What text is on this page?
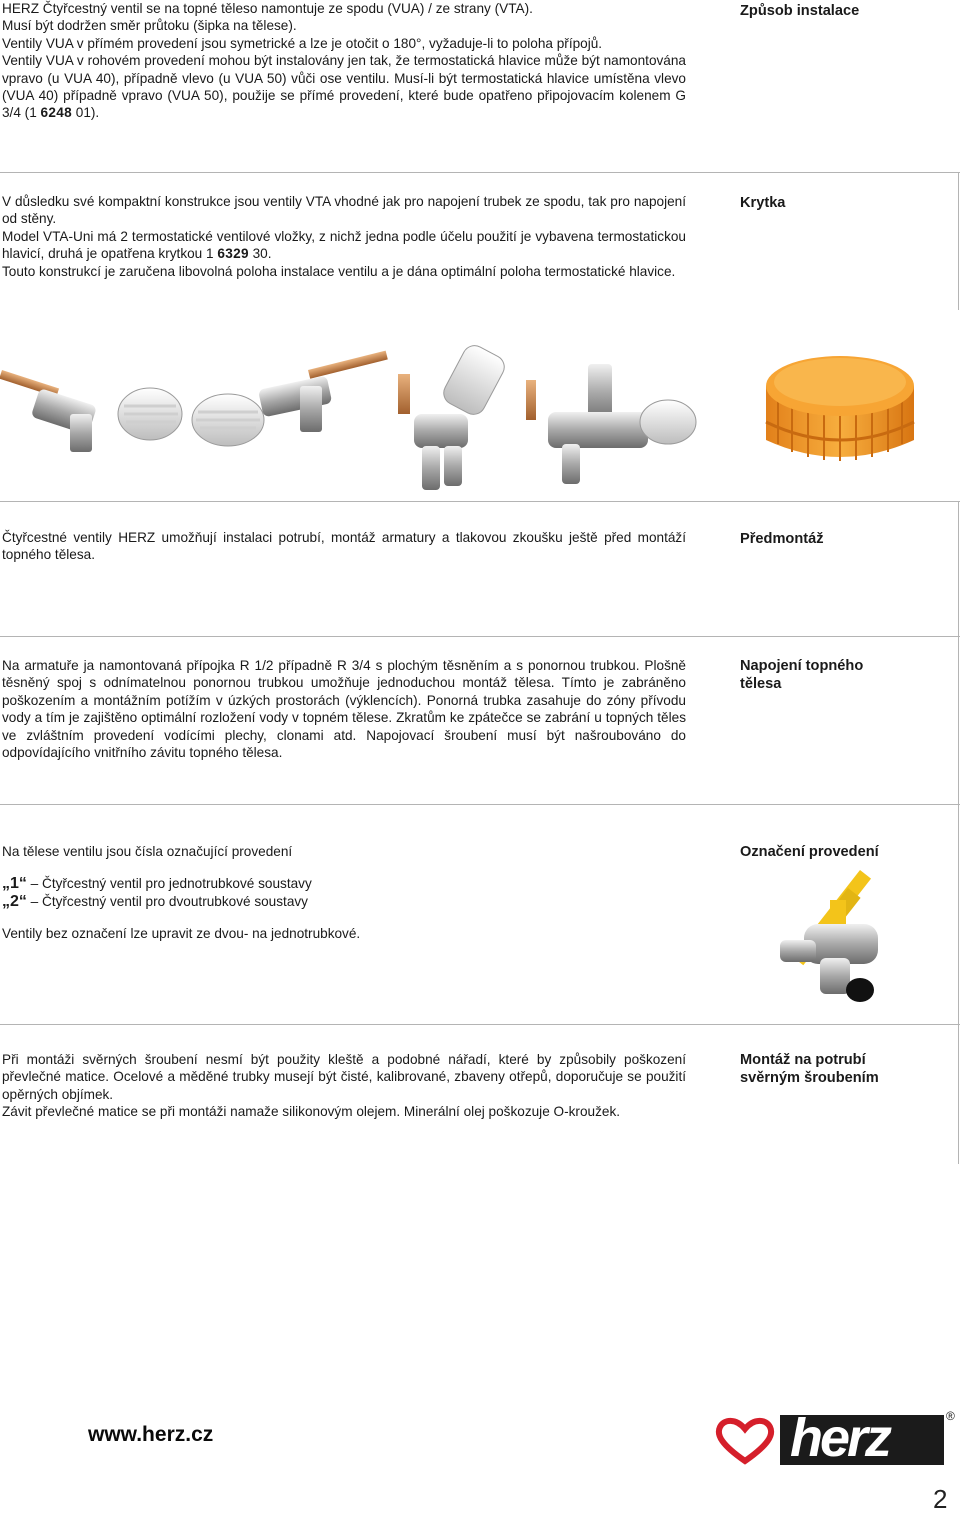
HERZ Čtyřcestný ventil se na topné těleso namontuje ze spodu (VUA) / ze strany (VTA).

Musí být dodržen směr průtoku (šipka na tělese).

Ventily VUA v přímém provedení jsou symetrické a lze je otočit o 180°, vyžaduje-li to poloha přípojů.

Ventily VUA v rohovém provedení mohou být instalovány jen tak, že termostatická hlavice může být namontována vpravo (u VUA 40), případně vlevo (u VUA 50) vůči ose ventilu. Musí-li být termostatická hlavice umístěna vlevo (VUA 40) případně vpravo (VUA 50), použije se přímé provedení, které bude opatřeno připojovacím kolenem G 3/4 (1 6248 01).

Způsob instalace

V důsledku své kompaktní konstrukce jsou ventily VTA vhodné jak pro napojení trubek ze spodu, tak pro napojení od stěny.

Model VTA-Uni má 2 termostatické ventilové vložky, z nichž jedna podle účelu použití je vybavena termostatickou hlavicí, druhá je opatřena krytkou 1 6329 30.

Touto konstrukcí je zaručena libovolná poloha instalace ventilu a je dána optimální poloha termostatické hlavice.

Krytka
Čtyřcestné ventily HERZ umožňují instalaci potrubí, montáž armatury a tlakovou zkoušku ještě před montáží topného tělesa.
Předmontáž
Na armatuře ja namontovaná přípojka R 1/2 případně R 3/4 s plochým těsněním a s ponornou trubkou. Plošně těsněný spoj s odnímatelnou ponornou trubkou umožňuje jednoduchou montáž tělesa. Tímto je zabráněno poškozením a montážním potížím v úzkých prostorách (výklencích). Ponorná trubka zasahuje do zóny přívodu vody a tím je zajištěno optimální rozložení vody v topném tělese. Zkratům ke zpátečce se zabrání u topných těles ve zvláštním provedení vodícími plechy, clonami atd. Napojovací šroubení musí být našroubováno do odpovídajícího vnitřního závitu topného tělesa.
Napojení topného tělesa

Na tělese ventilu jsou čísla označující provedení

„1“ – Čtyřcestný ventil pro jednotrubkové soustavy

„2“ – Čtyřcestný ventil pro dvoutrubkové soustavy

Ventily bez označení lze upravit ze dvou- na jednotrubkové.

Označení provedení

Při montáži svěrných šroubení nesmí být použity kleště a podobné nářadí, které by způsobily poškození převlečné matice. Ocelové a měděné trubky musejí být čisté, kalibrované, zbaveny otřepů, doporučuje se použití opěrných objímek.

Závit převlečné matice se při montáži namaže silikonovým olejem. Minerální olej poškozuje O-kroužek.

Montáž na potrubí svěrným šroubením
www.herz.cz	herz	®
2
